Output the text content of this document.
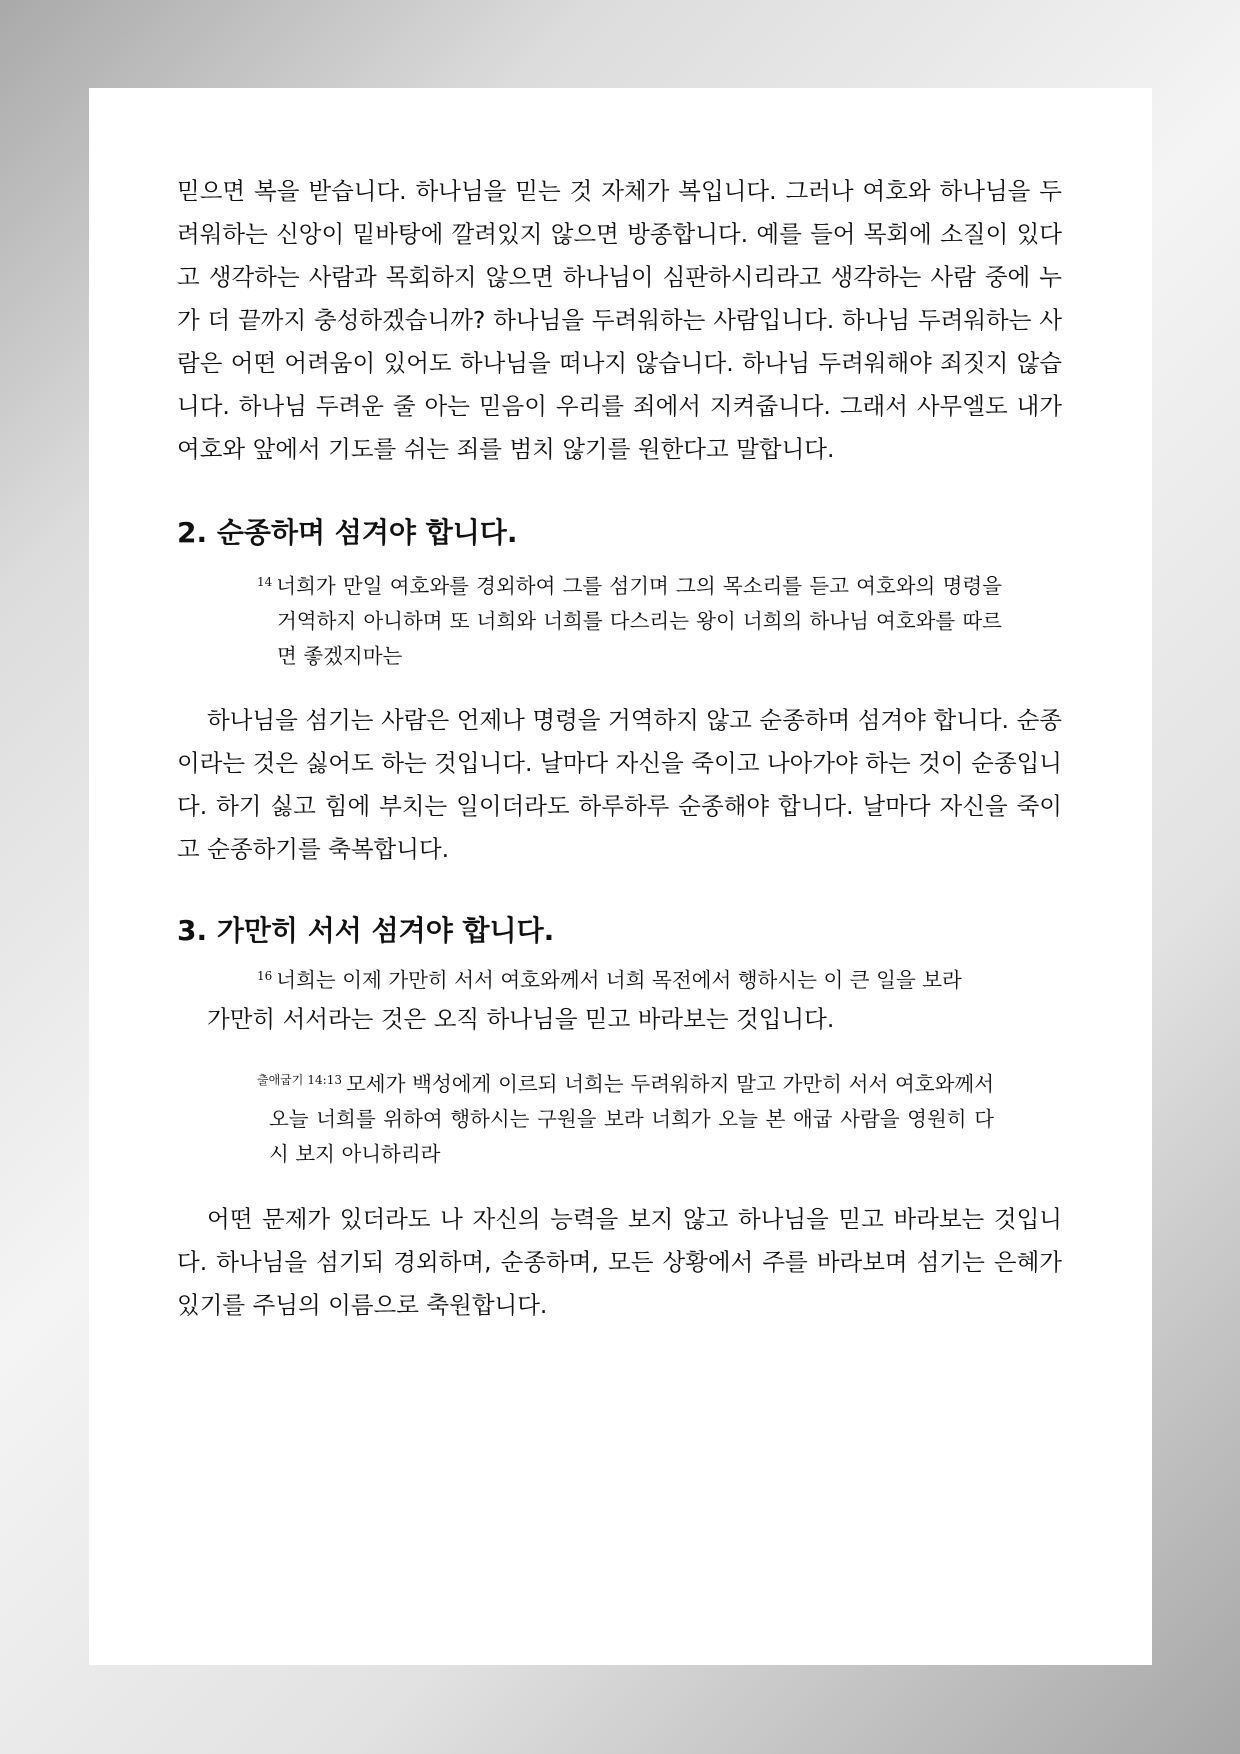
믿으면 복을 받습니다. 하나님을 믿는 것 자체가 복입니다. 그러나 여호와 하나님을 두려워하는 신앙이 밑바탕에 깔려있지 않으면 방종합니다. 예를 들어 목회에 소질이 있다고 생각하는 사람과 목회하지 않으면 하나님이 심판하시리라고 생각하는 사람 중에 누가 더 끝까지 충성하겠습니까? 하나님을 두려워하는 사람입니다. 하나님 두려워하는 사람은 어떤 어려움이 있어도 하나님을 떠나지 않습니다. 하나님 두려워해야 죄짓지 않습니다. 하나님 두려운 줄 아는 믿음이 우리를 죄에서 지켜줍니다. 그래서 사무엘도 내가 여호와 앞에서 기도를 쉬는 죄를 범치 않기를 원한다고 말합니다.

2. 순종하며 섬겨야 합니다.

$^{14}$ 너희가 만일 여호와를 경외하여 그를 섬기며 그의 목소리를 듣고 여호와의 명령을 거역하지 아니하며 또 너희와 너희를 다스리는 왕이 너희의 하나님 여호와를 따르면 좋겠지마는

하나님을 섬기는 사람은 언제나 명령을 거역하지 않고 순종하며 섬겨야 합니다. 순종이라는 것은 싫어도 하는 것입니다. 날마다 자신을 죽이고 나아가야 하는 것이 순종입니다. 하기 싫고 힘에 부치는 일이더라도 하루하루 순종해야 합니다. 날마다 자신을 죽이고 순종하기를 축복합니다.

3. 가만히 서서 섬겨야 합니다.

$^{16}$ 너희는 이제 가만히 서서 여호와께서 너희 목전에서 행하시는 이 큰 일을 보라

가만히 서서라는 것은 오직 하나님을 믿고 바라보는 것입니다.

$^{출애굽기 14:13}$ 모세가 백성에게 이르되 너희는 두려워하지 말고 가만히 서서 여호와께서 오늘 너희를 위하여 행하시는 구원을 보라 너희가 오늘 본 애굽 사람을 영원히 다시 보지 아니하리라

어떤 문제가 있더라도 나 자신의 능력을 보지 않고 하나님을 믿고 바라보는 것입니다. 하나님을 섬기되 경외하며, 순종하며, 모든 상황에서 주를 바라보며 섬기는 은혜가 있기를 주님의 이름으로 축원합니다.
